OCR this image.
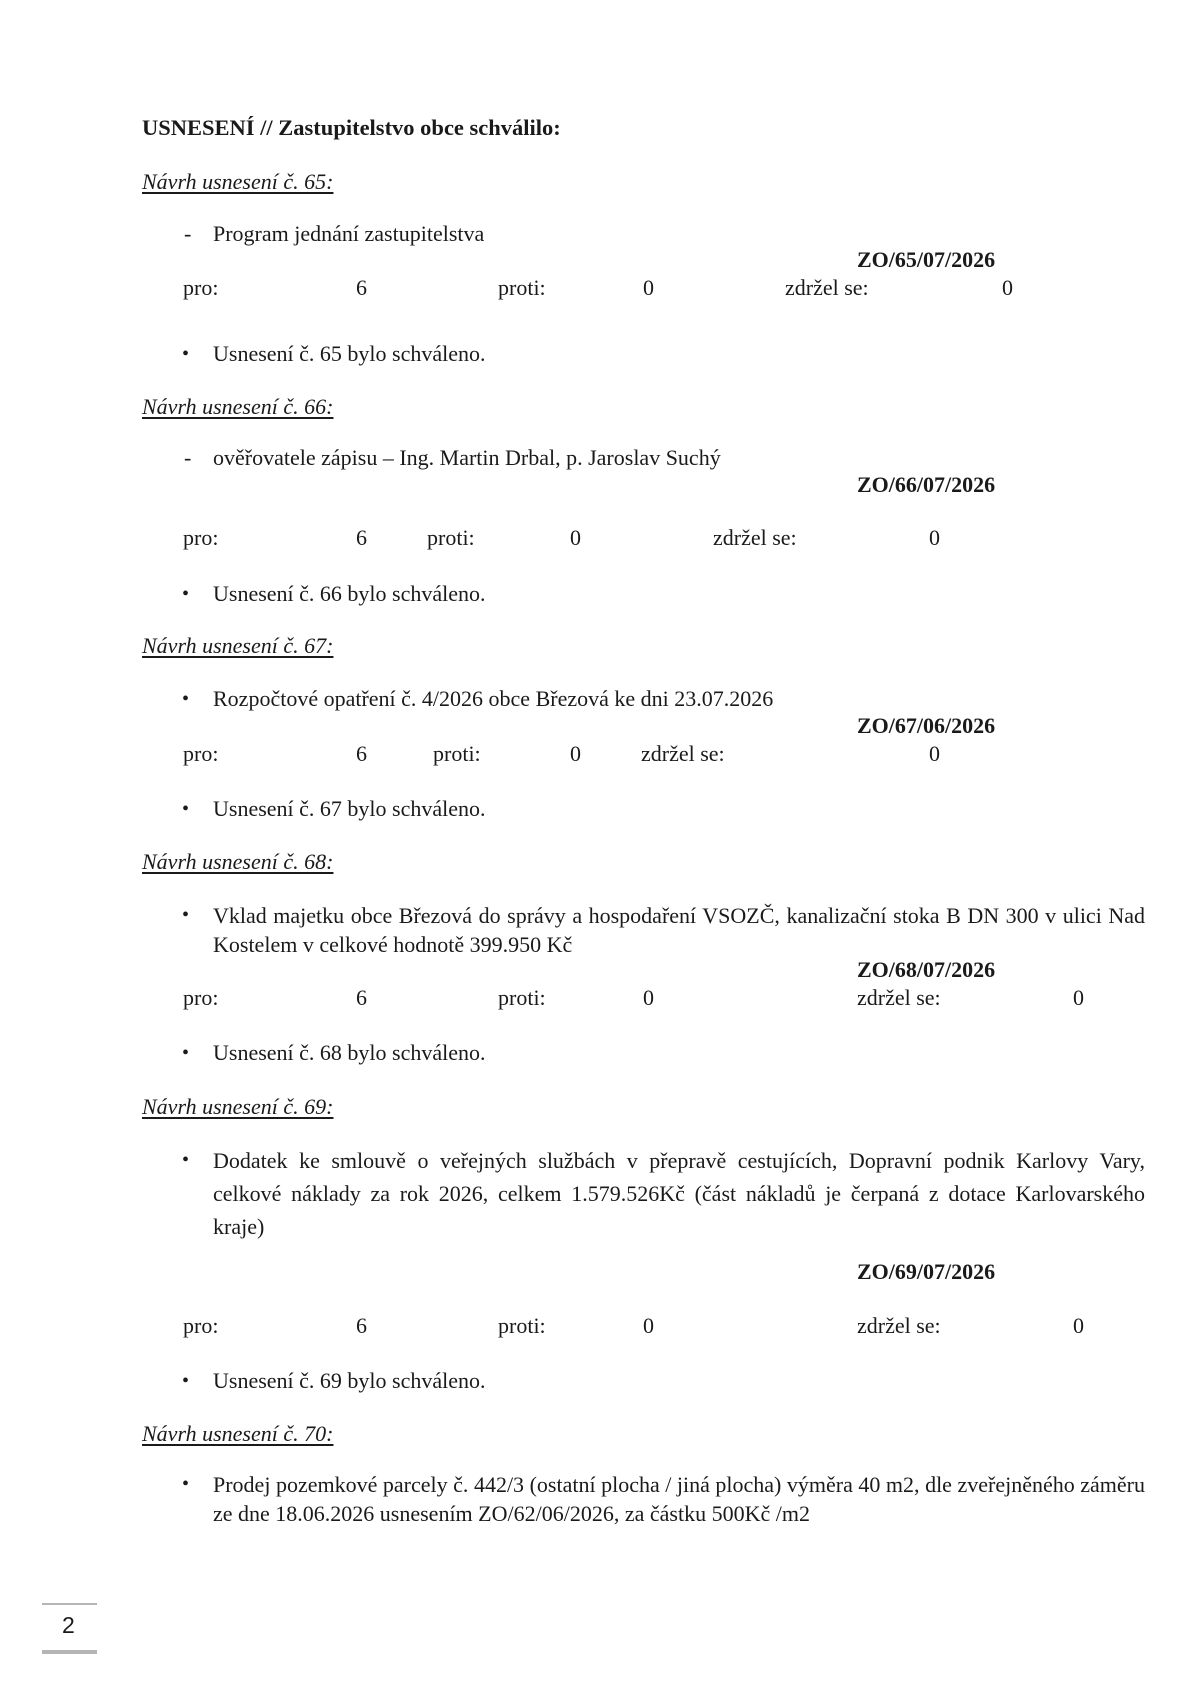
USNESENÍ // Zastupitelstvo obce schválilo:
Návrh usnesení č. 65:
- Program jednání zastupitelstva
ZO/65/07/2026
pro:	6	proti:	0	zdržel se:	0
• Usnesení č. 65 bylo schváleno.
Návrh usnesení č. 66:
- ověřovatele zápisu – Ing. Martin Drbal, p. Jaroslav Suchý
ZO/66/07/2026
pro:	6	proti:	0	zdržel se:	0
• Usnesení č. 66 bylo schváleno.
Návrh usnesení č. 67:
• Rozpočtové opatření č. 4/2026 obce Březová ke dni 23.07.2026
ZO/67/06/2026
pro:	6	proti:	0	zdržel se:	0
• Usnesení č. 67 bylo schváleno.
Návrh usnesení č. 68:
• Vklad majetku obce Březová do správy a hospodaření VSOZČ, kanalizační stoka B DN 300 v ulici Nad Kostelem v celkové hodnotě 399.950 Kč
ZO/68/07/2026
pro:	6	proti:	0	zdržel se:	0
• Usnesení č. 68 bylo schváleno.
Návrh usnesení č. 69:
• Dodatek ke smlouvě o veřejných službách v přepravě cestujících, Dopravní podnik Karlovy Vary, celkové náklady za rok 2026, celkem 1.579.526Kč (část nákladů je čerpaná z dotace Karlovarského kraje)
ZO/69/07/2026
pro:	6	proti:	0	zdržel se:	0
• Usnesení č. 69 bylo schváleno.
Návrh usnesení č. 70:
• Prodej pozemkové parcely č. 442/3 (ostatní plocha / jiná plocha) výměra 40 m2, dle zveřejněného záměru ze dne 18.06.2026 usnesením ZO/62/06/2026, za částku 500Kč /m2
2
